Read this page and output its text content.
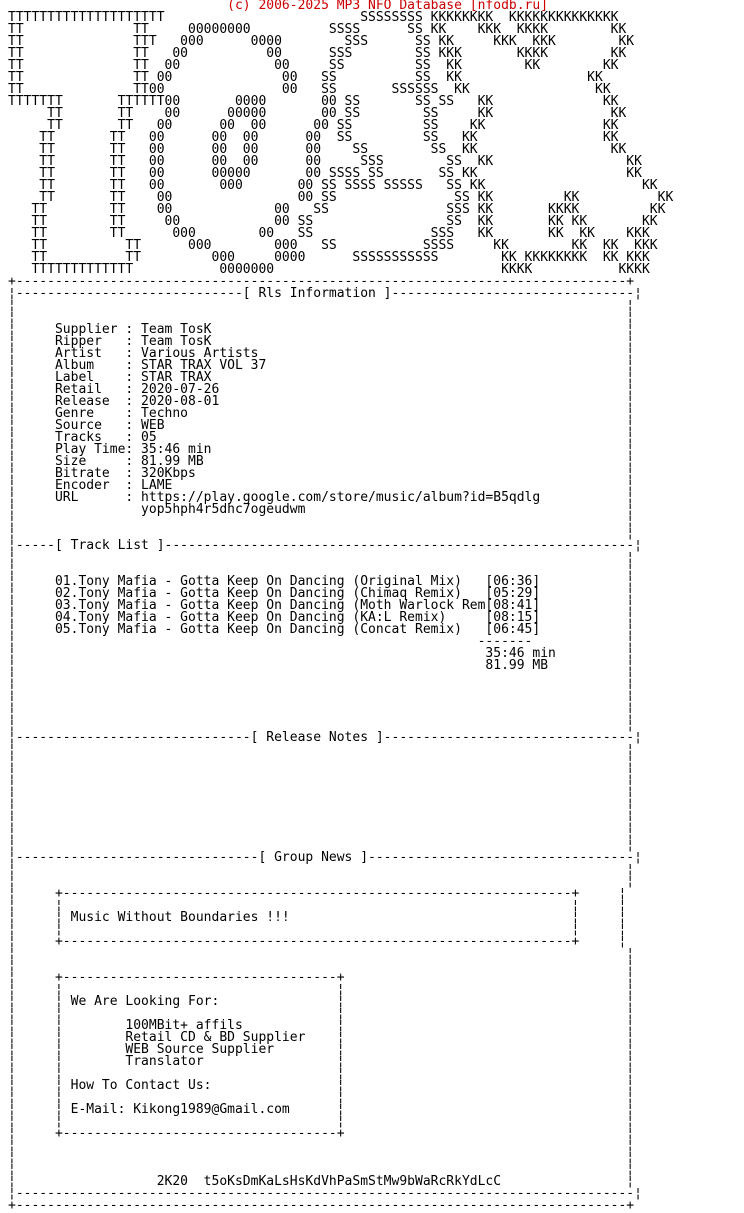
(c) 2006-2025 MP3 NFO Database [nfodb.ru]
TTTTTTTTTTTTTTTTTTTT                         SSSSSSSS KKKKKKKK  KKKKKKKKKKKKKK
TT              TT     00000000          SSSS      SS KK    KKK  KKKK        KK
TT              TTT   000      0000        SSS      SS KK     KKK  KKK        KK
TT              TT   00          00      SSS        SS KKK       KKKK        KK
TT              TT  00            00     SS         SS  KK        KK        KK
TT              TT 00              00   SS          SS  KK                KK
TT              TT00               00   SS       SSSSSS  KK                KK
TTTTTTT       TTTTTT00       0000       00 SS       SS SS   KK              KK
TT       TT    00      00000       00 SS        SS     KK               KK
TT       TT   00      00  00      00 SS         SS    KK               KK
TT       TT   00      00  00      00  SS         SS   KK                KK
TT       TT   00      00  00      00    SS        SS  KK                 KK
TT       TT   00      00  00      00     SSS        SS  KK                 KK
TT       TT   00      00000       00 SSSS SS       SS KK                   KK
TT       TT   00       000       00 SS SSSS SSSSS   SS KK                    KK
TT       TT    00                00 SS               SS KK         KK          KK
TT        TT    00             00   SS               SSS KK       KKKK         KK
TT        TT     00            00 SS                 SS  KK       KK KK       KK
TT        TT      000        00   SS               SSS   KK       KK  KK    KKK
TT          TT      000        000   SS           SSSS     KK        KK  KK  KKK
TT          TT         000     0000      SSSSSSSSSSS        KK KKKKKKKK  KK KKK
TTTTTTTTTTTTT           0000000                             KKKK           KKKK
+------------------------------------------------------------------------------+
¦-----------------------------[ Rls Information ]-------------------------------¦
¦                                                                              ¦
¦                                                                              ¦
¦     Supplier : Team TosK                                                     ¦
¦     Ripper   : Team TosK                                                     ¦
¦     Artist   : Various Artists                                               ¦
¦     Album    : STAR TRAX VOL 37                                              ¦
¦     Label    : STAR TRAX                                                     ¦
¦     Retail   : 2020-07-26                                                    ¦
¦     Release  : 2020-08-01                                                    ¦
¦     Genre    : Techno                                                        ¦
¦     Source   : WEB                                                           ¦
¦     Tracks   : 05                                                            ¦
¦     Play Time: 35:46 min                                                     ¦
¦     Size     : 81.99 MB                                                      ¦
¦     Bitrate  : 320Kbps                                                       ¦
¦     Encoder  : LAME                                                          ¦
¦     URL      : https://play.google.com/store/music/album?id=B5qdlg           ¦
¦                yop5hph4r5dhc7ogeudwm                                         ¦
¦                                                                              ¦
¦                                                                              ¦
¦-----[ Track List ]------------------------------------------------------------¦
¦                                                                              ¦
¦                                                                              ¦
¦     01.Tony Mafia - Gotta Keep On Dancing (Original Mix)   [06:36]           ¦
¦     02.Tony Mafia - Gotta Keep On Dancing (Chimaq Remix)   [05:29]           ¦
¦     03.Tony Mafia - Gotta Keep On Dancing (Moth Warlock Rem[08:41]           ¦
¦     04.Tony Mafia - Gotta Keep On Dancing (KA:L Remix)     [08:15]           ¦
¦     05.Tony Mafia - Gotta Keep On Dancing (Concat Remix)   [06:45]           ¦
¦                                                           -------            ¦
¦                                                            35:46 min         ¦
¦                                                            81.99 MB          ¦
¦                                                                              ¦
¦                                                                              ¦
¦                                                                              ¦
¦                                                                              ¦
¦                                                                              ¦
¦------------------------------[ Release Notes ]--------------------------------¦
¦                                                                              ¦
¦                                                                              ¦
¦                                                                              ¦
¦                                                                              ¦
¦                                                                              ¦
¦                                                                              ¦
¦                                                                              ¦
¦                                                                              ¦
¦                                                                              ¦
¦-------------------------------[ Group News ]----------------------------------¦
¦                                                                              ¦
¦                                                                              ¦
¦     +-----------------------------------------------------------------+     ¦
¦     ¦                                                                 ¦     ¦
¦     ¦ Music Without Boundaries !!!                                    ¦     ¦
¦     ¦                                                                 ¦     ¦
¦     +-----------------------------------------------------------------+     ¦
¦                                                                              ¦
¦                                                                              ¦
¦     +-----------------------------------+                                    ¦
¦     ¦                                   ¦                                    ¦
¦     ¦ We Are Looking For:               ¦                                    ¦
¦     ¦                                   ¦                                    ¦
¦     ¦        100MBit+ affils            ¦                                    ¦
¦     ¦        Retail CD & BD Supplier    ¦                                    ¦
¦     ¦        WEB Source Supplier        ¦                                    ¦
¦     ¦        Translator                 ¦                                    ¦
¦     ¦                                   ¦                                    ¦
¦     ¦ How To Contact Us:                ¦                                    ¦
¦     ¦                                   ¦                                    ¦
¦     ¦ E-Mail: Kikong1989@Gmail.com      ¦                                    ¦
¦     ¦                                   ¦                                    ¦
¦     +-----------------------------------+                                    ¦
¦                                                                              ¦
¦                                                                              ¦
¦                                                                              ¦
¦                  2K20  t5oKsDmKaLsHsKdVhPaSmStMw9bWaRcRkYdLcC                ¦
¦-------------------------------------------------------------------------------¦
+------------------------------------------------------------------------------+
